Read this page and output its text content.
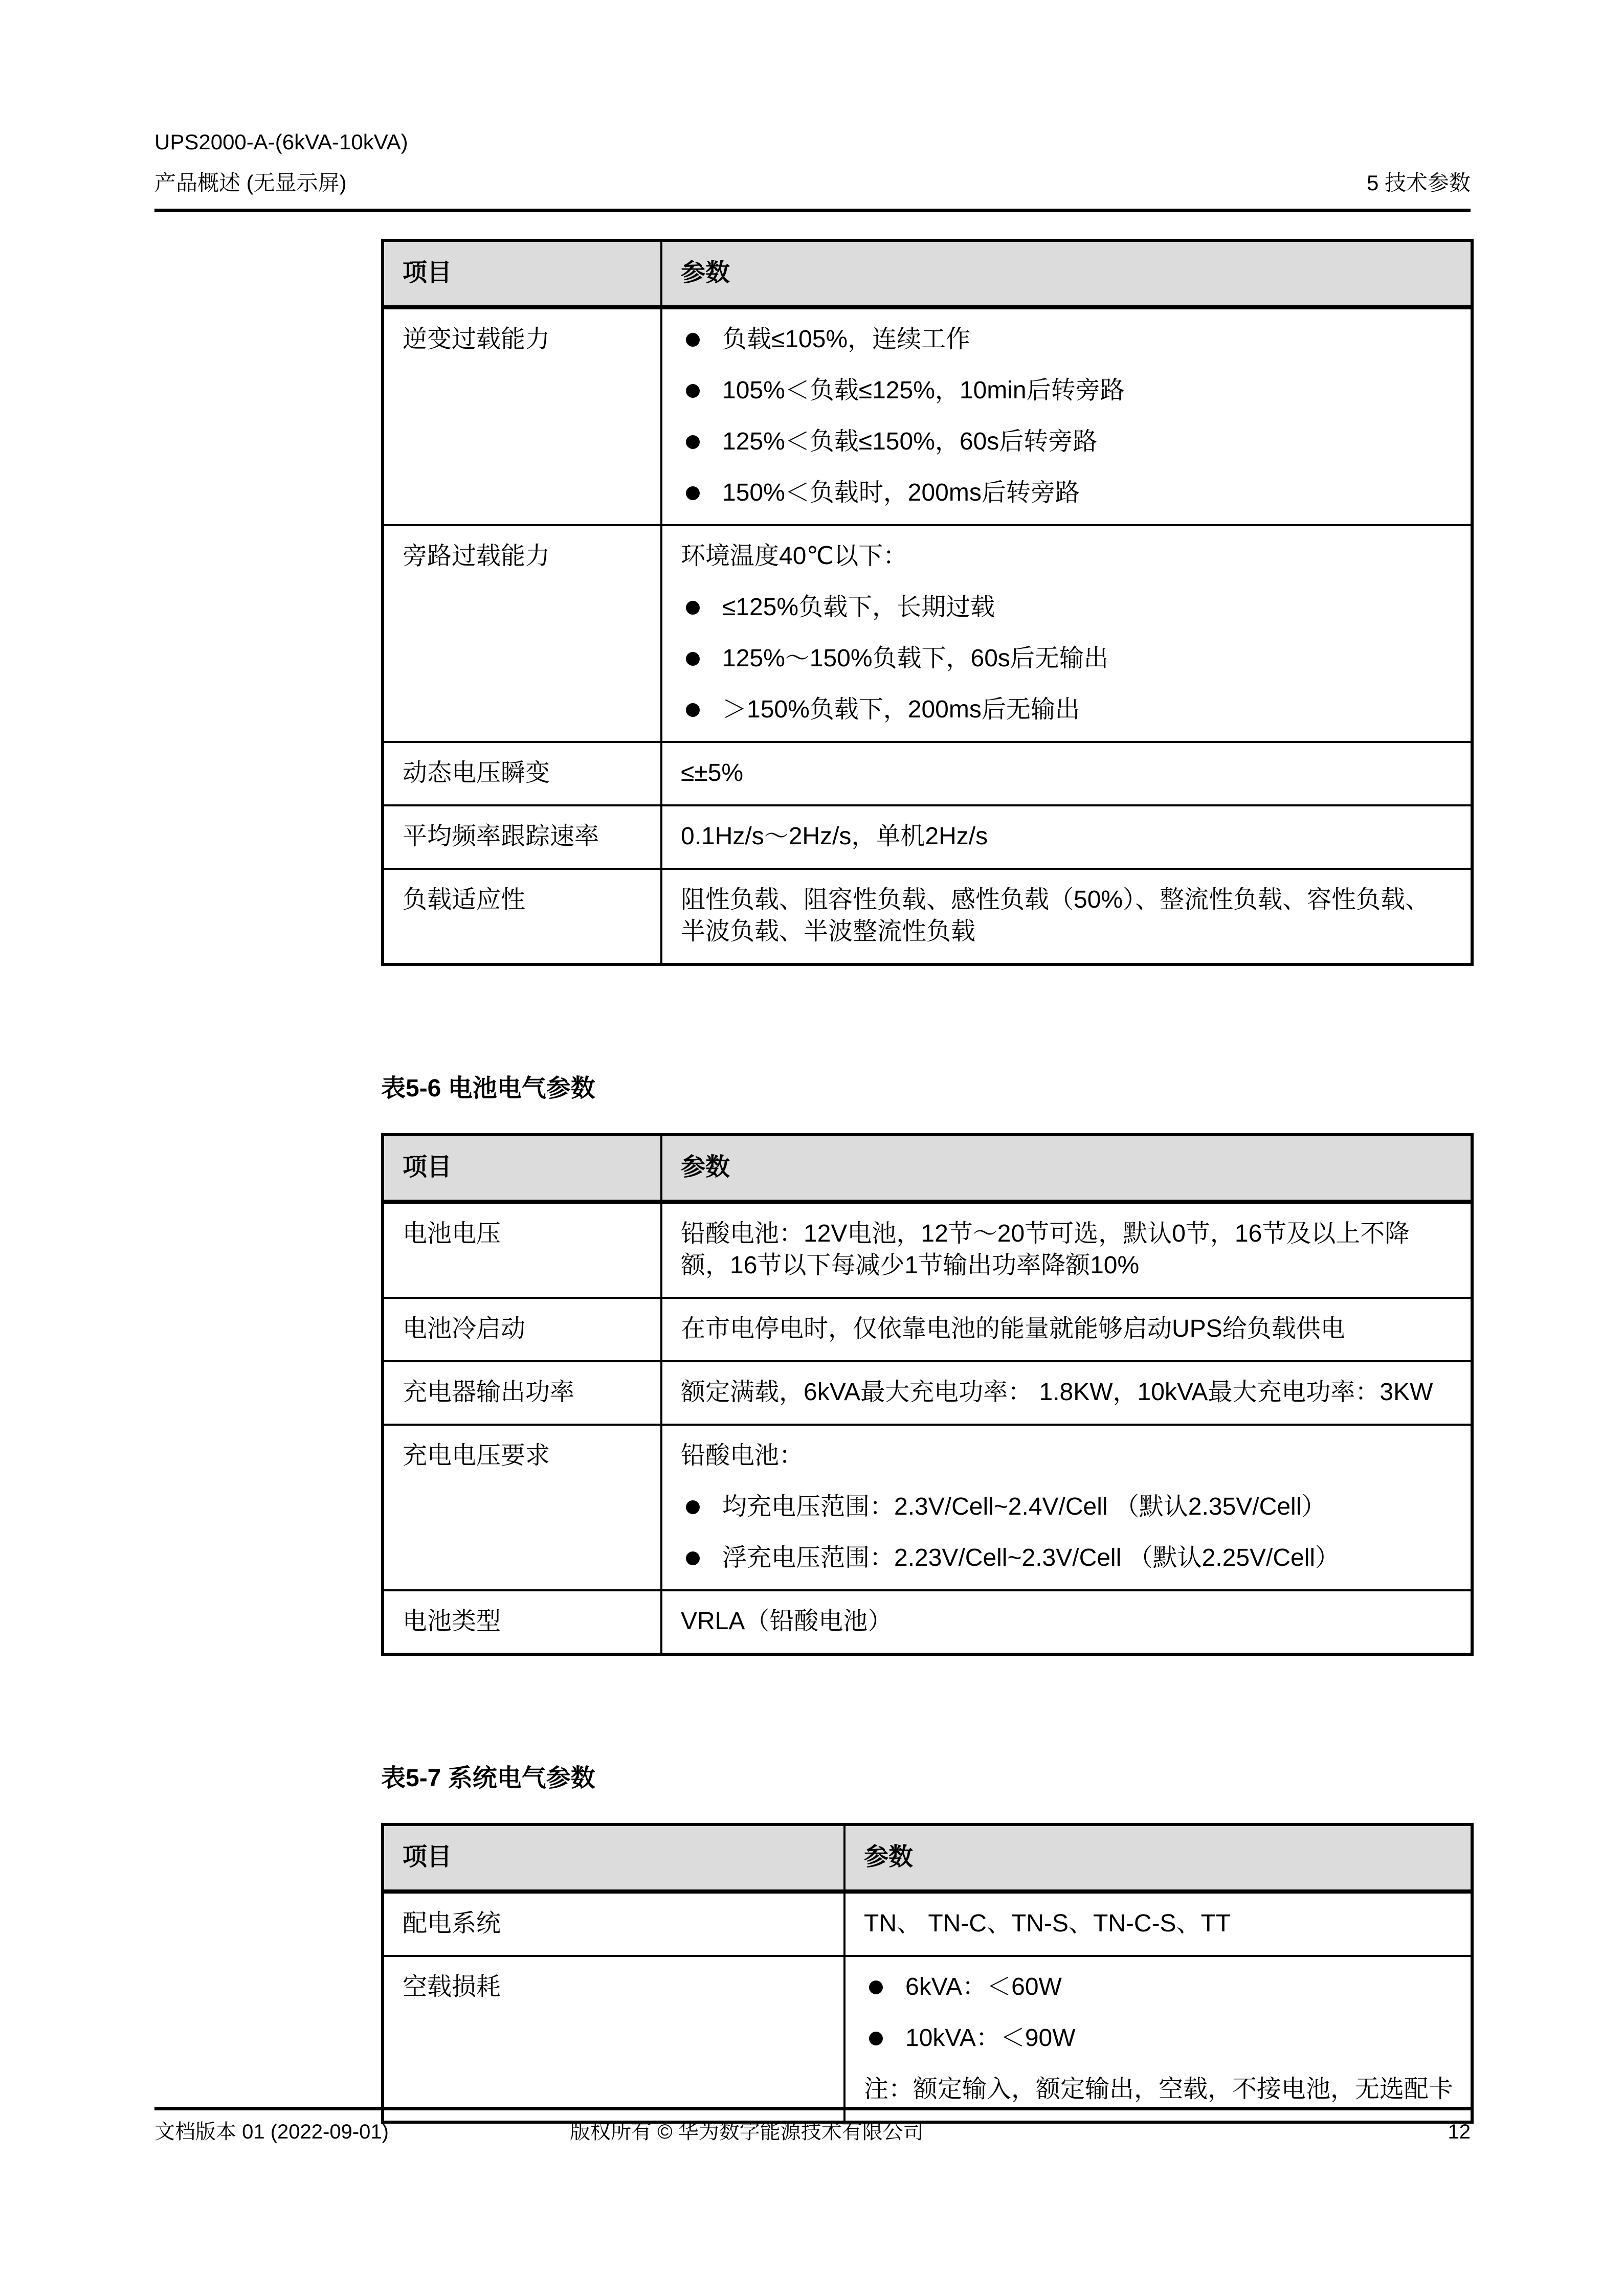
UPS2000-A-(6kVA-10kVA)
产品概述 (无显示屏)	5 技术参数
项目	参数
逆变过载能力	负载≤105%，连续工作
105%＜负载≤125%，10min后转旁路
125%＜负载≤150%，60s后转旁路
150%＜负载时，200ms后转旁路

旁路过载能力	环境温度40℃以下：
≤125%负载下，长期过载
125%～150%负载下，60s后无输出
＞150%负载下，200ms后无输出

动态电压瞬变	≤±5%

平均频率跟踪速率	0.1Hz/s～2Hz/s，单机2Hz/s

负载适应性	阻性负载、阻容性负载、感性负载（50%）、整流性负载、容性负载、半波负载、半波整流性负载
表5-6 电池电气参数
项目	参数
电池电压	铅酸电池：12V电池，12节～20节可选，默认0节，16节及以上不降额，16节以下每减少1节输出功率降额10%

电池冷启动	在市电停电时，仅依靠电池的能量就能够启动UPS给负载供电

充电器输出功率	额定满载，6kVA最大充电功率： 1.8KW，10kVA最大充电功率：3KW

充电电压要求	铅酸电池：
均充电压范围：2.3V/Cell~2.4V/Cell （默认2.35V/Cell）
浮充电压范围：2.23V/Cell~2.3V/Cell （默认2.25V/Cell）

电池类型	VRLA（铅酸电池）
表5-7 系统电气参数
项目	参数
配电系统	TN、 TN-C、TN-S、TN-C-S、TT

空载损耗	6kVA：＜60W
10kVA：＜90W
注：额定输入，额定输出，空载，不接电池，无选配卡
文档版本 01 (2022-09-01)	版权所有 © 华为数字能源技术有限公司	12
